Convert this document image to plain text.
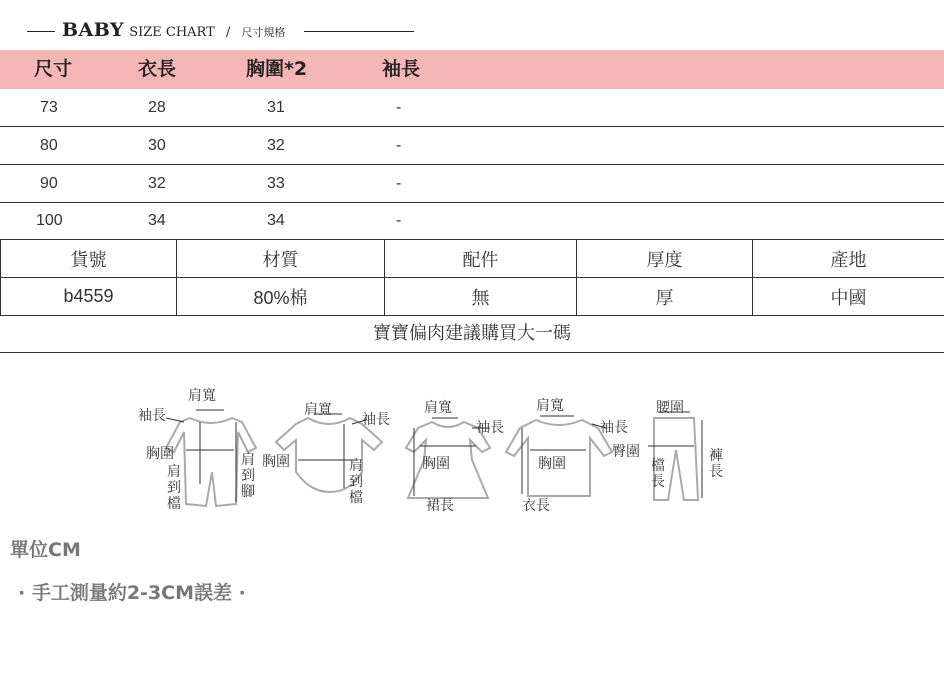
BABY SIZE CHART / 尺寸規格
尺寸	衣長	胸圍*2	袖長
73	28	31	-
80	30	32	-
90	32	33	-
100	34	34	-
貨號	材質	配件	厚度	產地
b4559	80%棉	無	厚	中國
寶寶偏肉建議購買大一碼
肩寬
袖長
胸圍
肩
到
檔
肩
到
腳
肩寬
袖長
胸圍	肩
到
檔
肩寬
袖長
胸圍
裙長
肩寬
袖長
胸圍
衣長
腰圍
臀圍
檔
長
褲
長
單位CM
· 手工測量約2-3CM誤差 ·
